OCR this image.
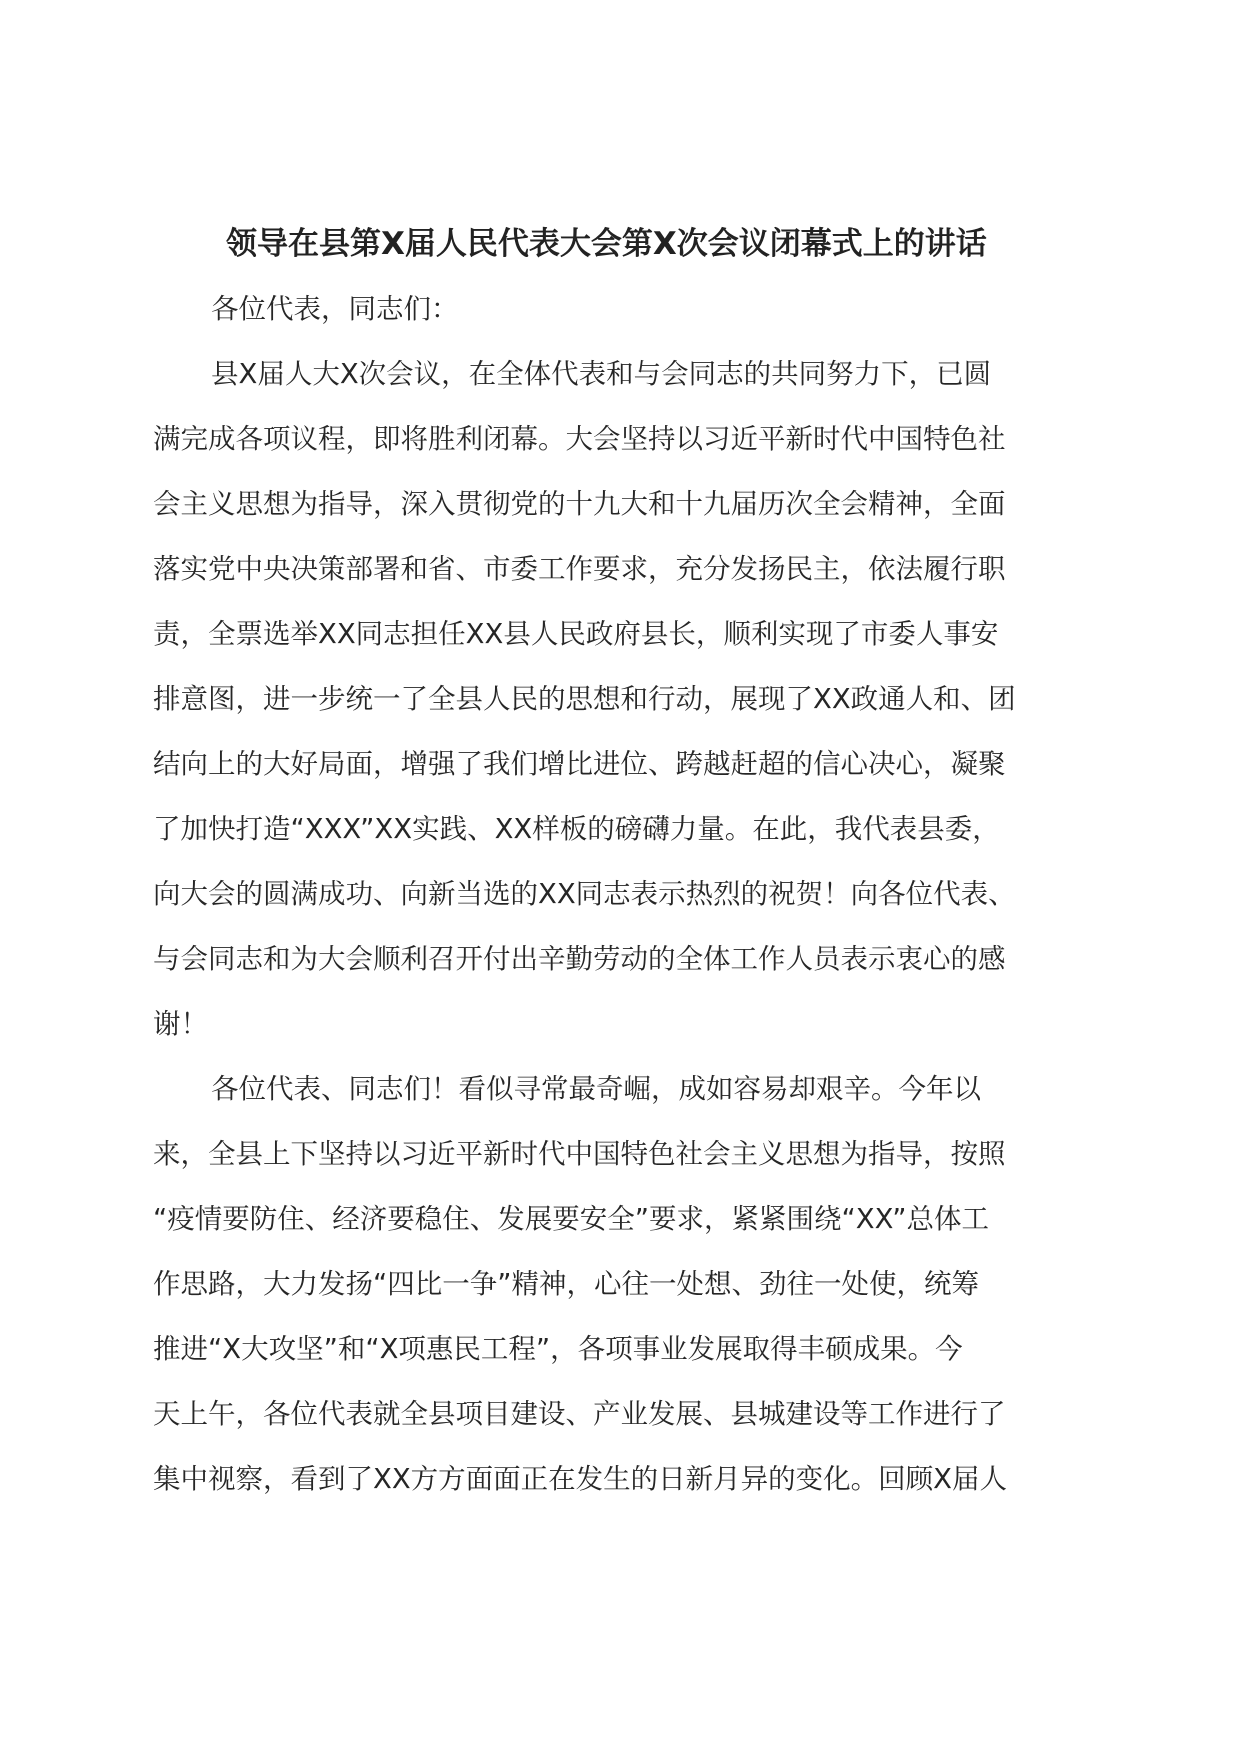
领导在县第X届人民代表大会第X次会议闭幕式上的讲话

各位代表，同志们：

县X届人大X次会议，在全体代表和与会同志的共同努力下，已圆
满完成各项议程，即将胜利闭幕。大会坚持以习近平新时代中国特色社
会主义思想为指导，深入贯彻党的十九大和十九届历次全会精神，全面
落实党中央决策部署和省、市委工作要求，充分发扬民主，依法履行职
责，全票选举XX同志担任XX县人民政府县长，顺利实现了市委人事安
排意图，进一步统一了全县人民的思想和行动，展现了XX政通人和、团
结向上的大好局面，增强了我们增比进位、跨越赶超的信心决心，凝聚
了加快打造“XXX”XX实践、XX样板的磅礴力量。在此，我代表县委，
向大会的圆满成功、向新当选的XX同志表示热烈的祝贺！向各位代表、
与会同志和为大会顺利召开付出辛勤劳动的全体工作人员表示衷心的感
谢！

各位代表、同志们！看似寻常最奇崛，成如容易却艰辛。今年以
来，全县上下坚持以习近平新时代中国特色社会主义思想为指导，按照
“疫情要防住、经济要稳住、发展要安全”要求，紧紧围绕“XX”总体工
作思路，大力发扬“四比一争”精神，心往一处想、劲往一处使，统筹
推进“X大攻坚”和“X项惠民工程”，各项事业发展取得丰硕成果。今
天上午，各位代表就全县项目建设、产业发展、县城建设等工作进行了
集中视察，看到了XX方方面面正在发生的日新月异的变化。回顾X届人
